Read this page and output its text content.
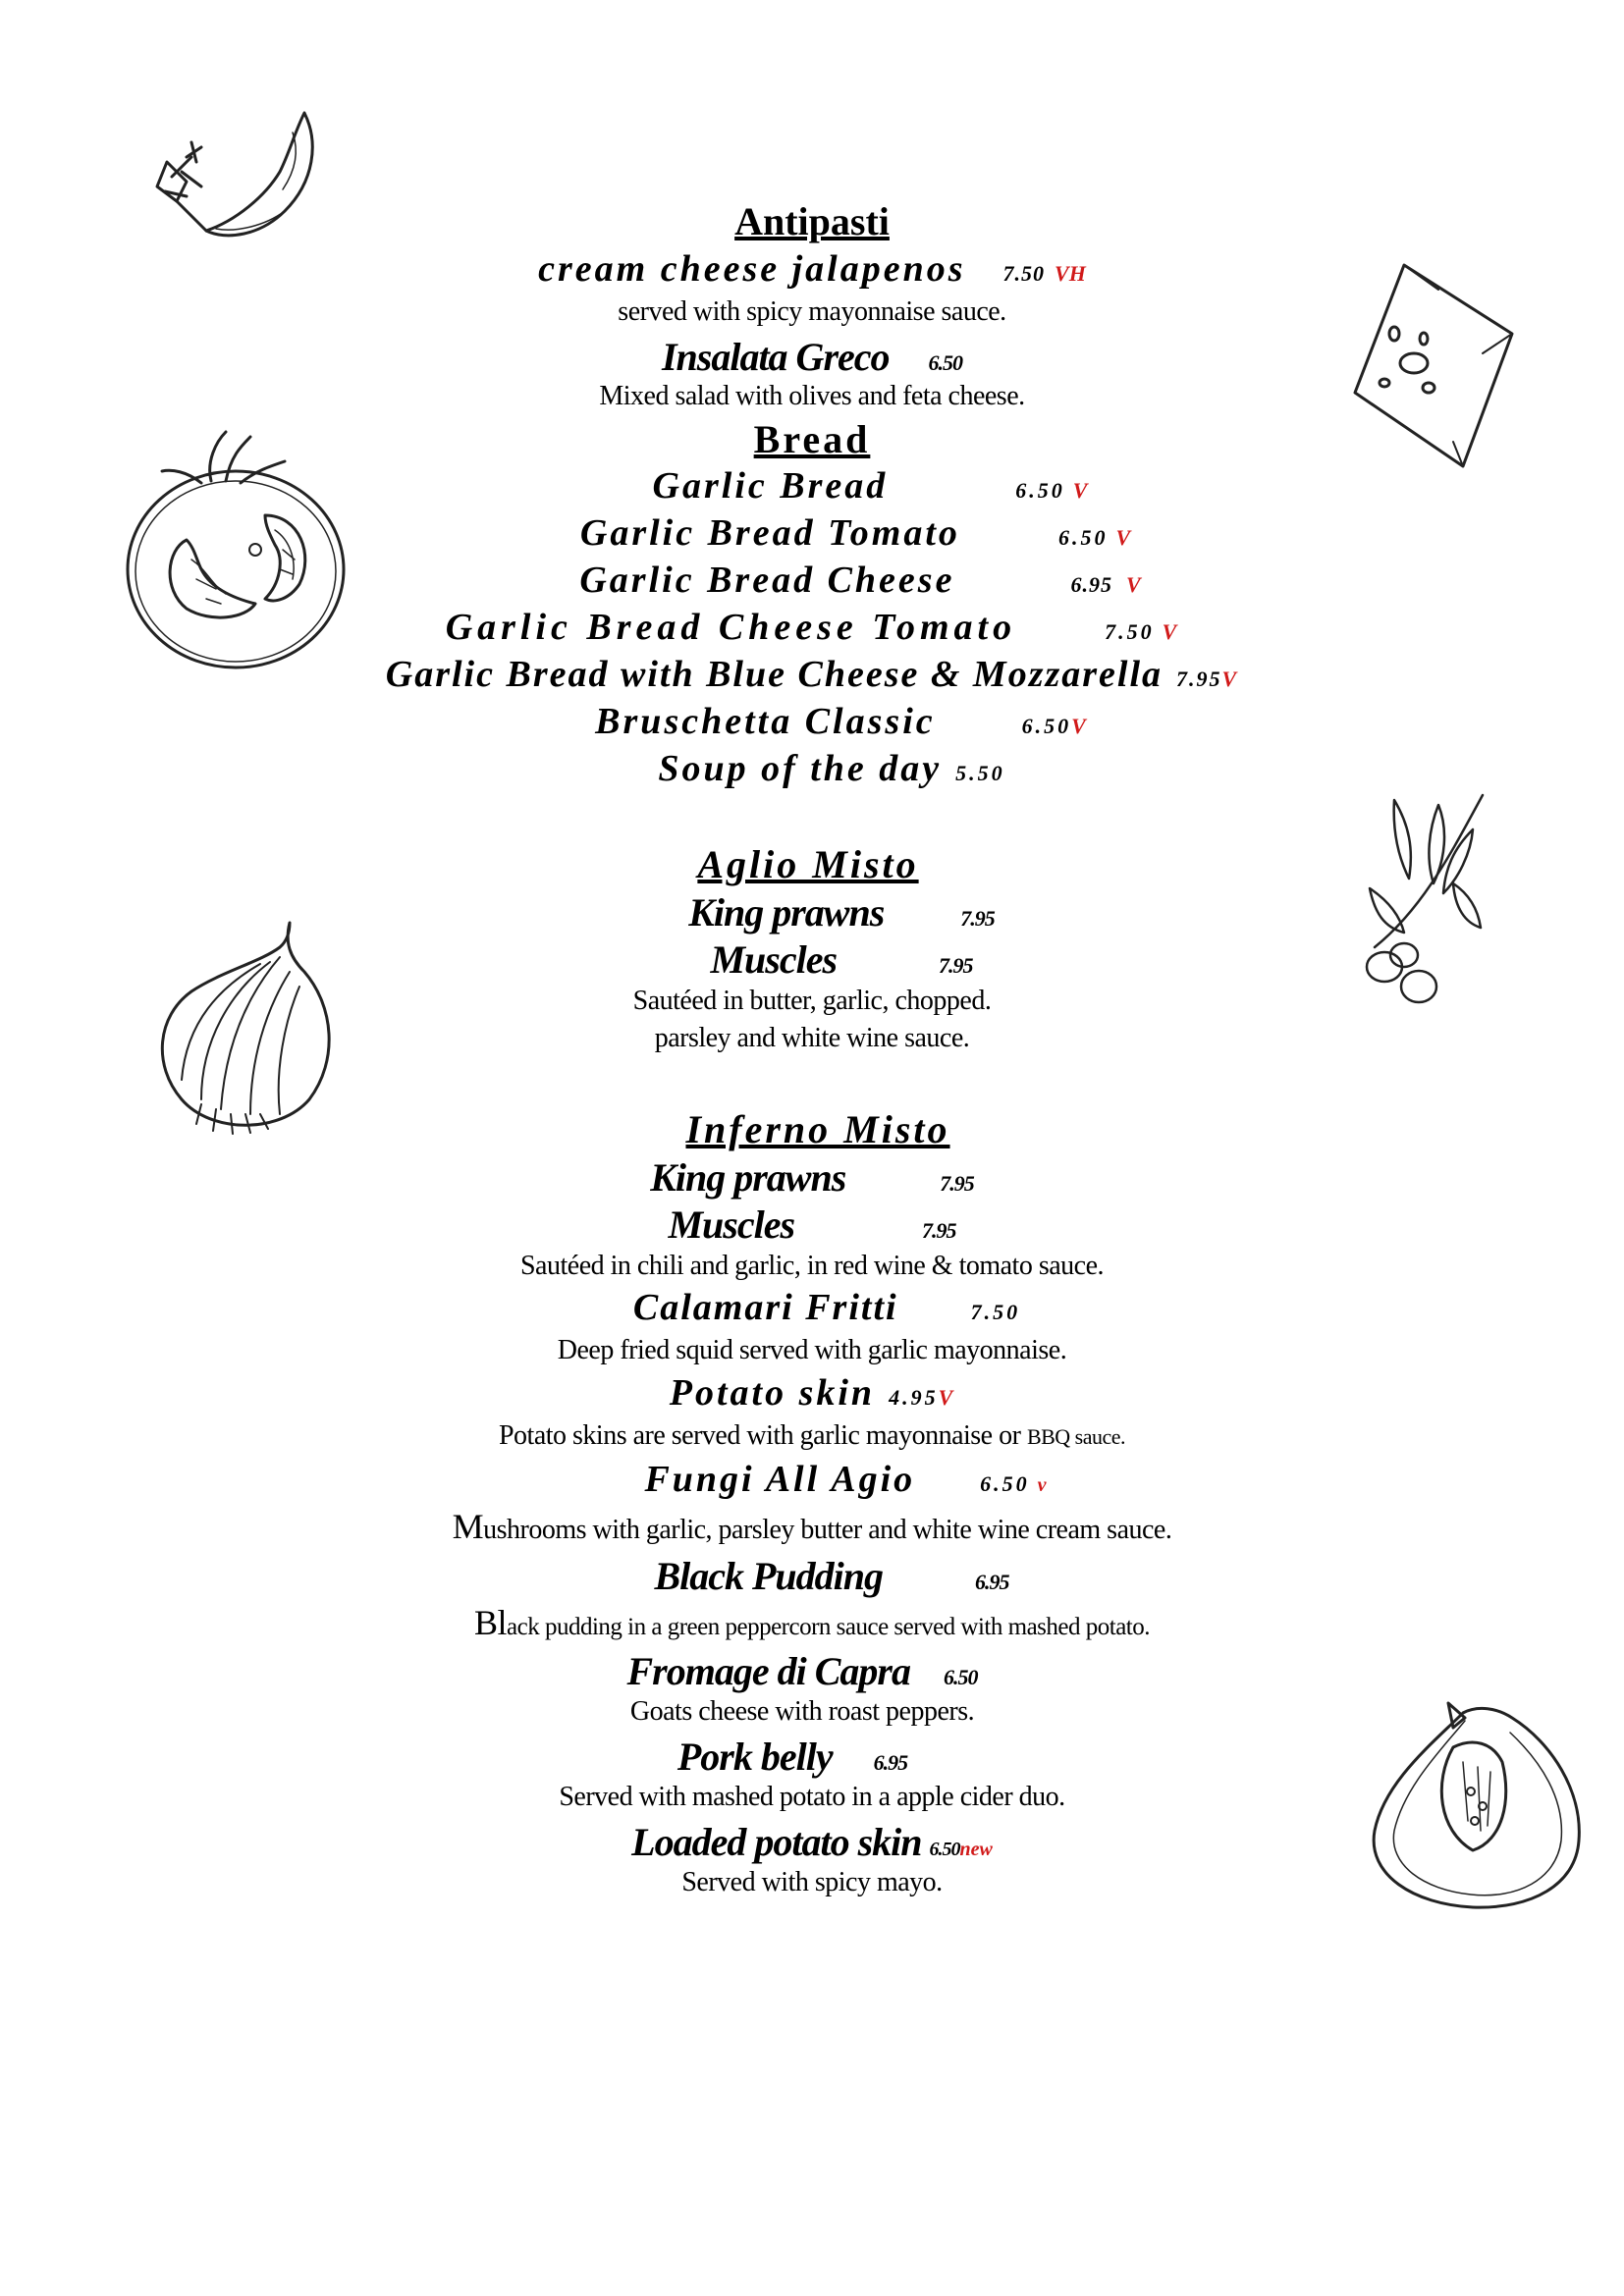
Antipasti
cream cheese jalapenos 7.50 VH
served with spicy mayonnaise sauce.
Insalata Greco 6.50
Mixed salad with olives and feta cheese.
Bread
Garlic Bread	6.50 V
Garlic Bread Tomato	6.50 V
Garlic Bread Cheese	6.95 V
Garlic Bread Cheese Tomato	7.50 V
Garlic Bread with Blue Cheese & Mozzarella 7.95V
Bruschetta Classic	6.50V
Soup of the day 5.50
Aglio Misto
King prawns	7.95
Muscles	7.95
Sautéed in butter, garlic, chopped.
parsley and white wine sauce.
Inferno Misto
King prawns	7.95
Muscles	7.95
Sautéed in chili and garlic, in red wine & tomato sauce.
Calamari Fritti	7.50
Deep fried squid served with garlic mayonnaise.
Potato skin 4.95V
Potato skins are served with garlic mayonnaise or BBQ sauce.
Fungi All Agio	6.50 v
Mushrooms with garlic, parsley butter and white wine cream sauce.
Black Pudding	6.95
Black pudding in a green peppercorn sauce served with mashed potato.
Fromage di Capra 6.50
Goats cheese with roast peppers.
Pork belly 6.95
Served with mashed potato in a apple cider duo.
Loaded potato skin 6.50new
Served with spicy mayo.
